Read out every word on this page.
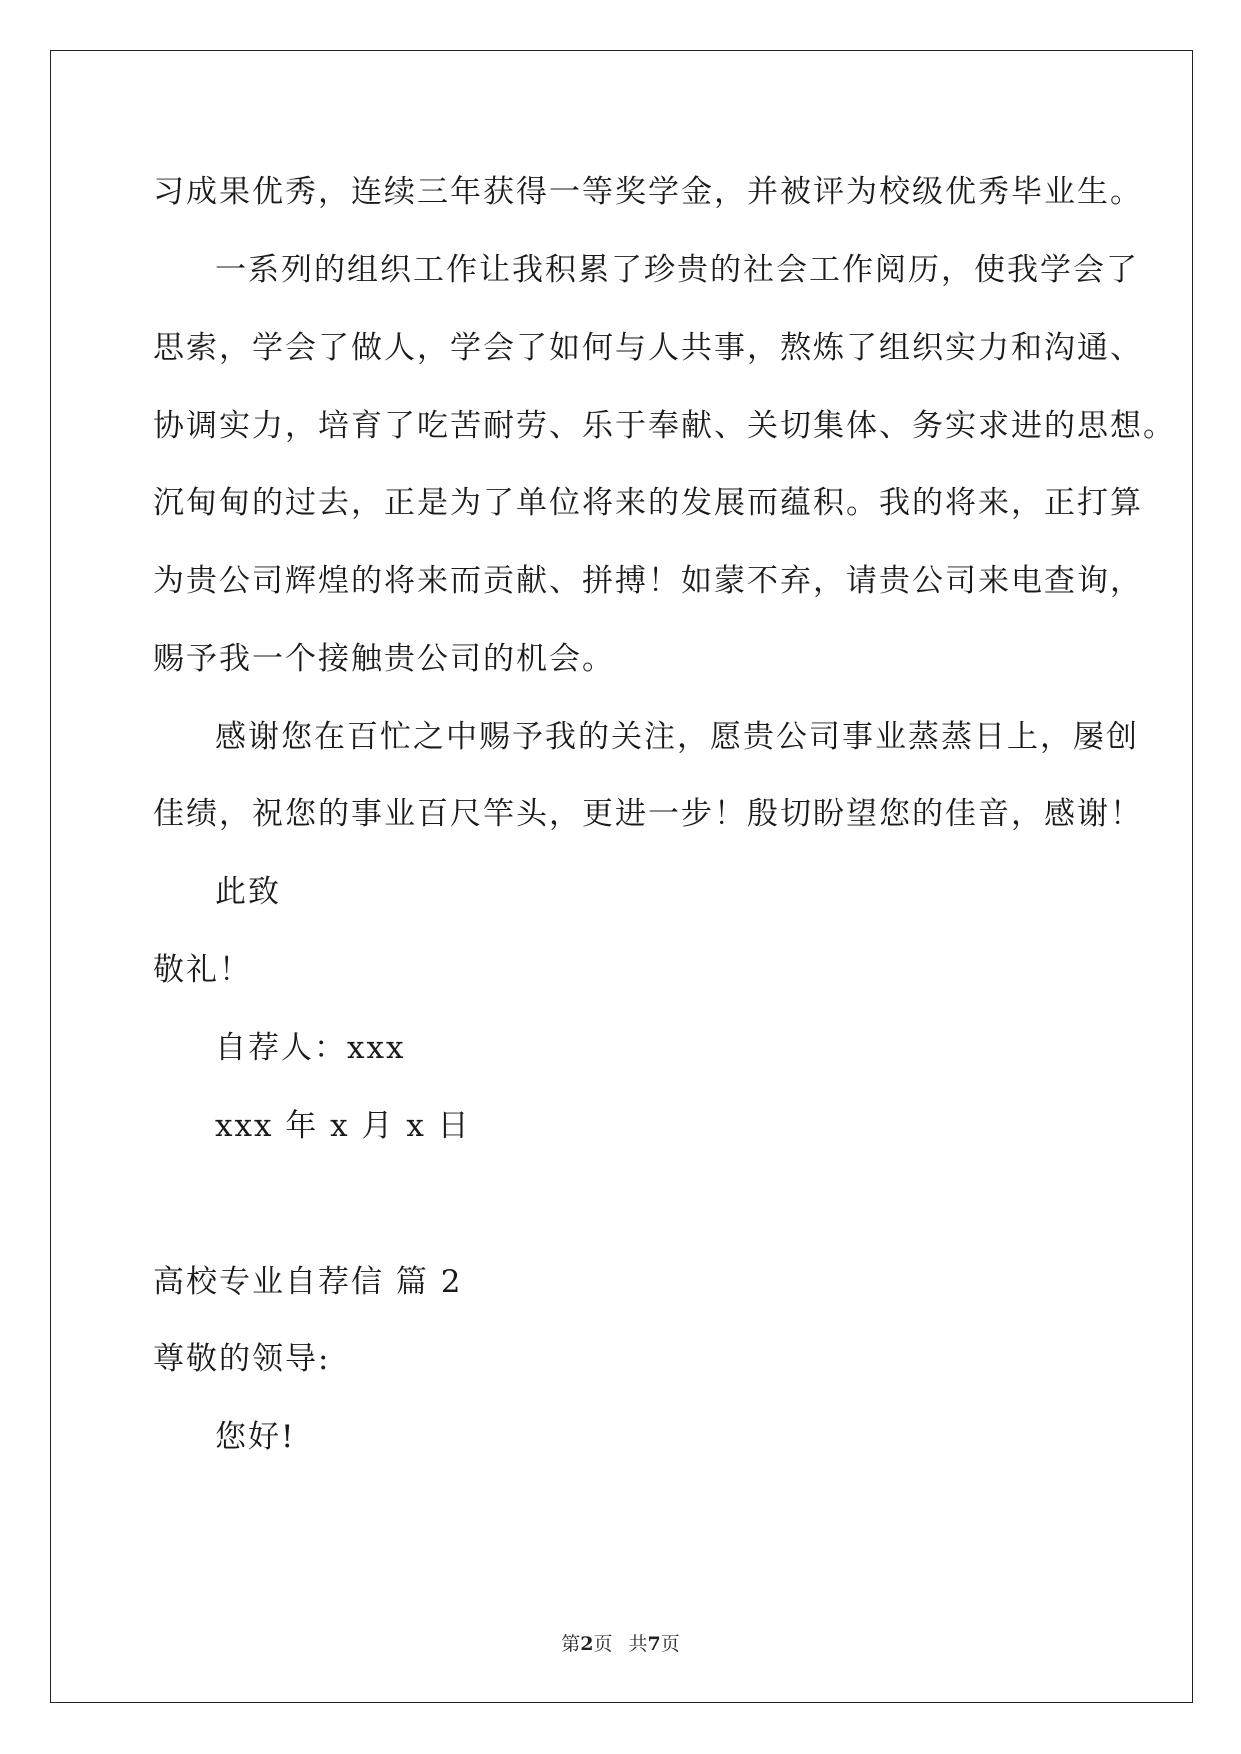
习成果优秀，连续三年获得一等奖学金，并被评为校级优秀毕业生。
一系列的组织工作让我积累了珍贵的社会工作阅历，使我学会了
思索，学会了做人，学会了如何与人共事，熬炼了组织实力和沟通、
协调实力，培育了吃苦耐劳、乐于奉献、关切集体、务实求进的思想。
沉甸甸的过去，正是为了单位将来的发展而蕴积。我的将来，正打算
为贵公司辉煌的将来而贡献、拼搏！如蒙不弃，请贵公司来电查询，
赐予我一个接触贵公司的机会。
感谢您在百忙之中赐予我的关注，愿贵公司事业蒸蒸日上，屡创
佳绩，祝您的事业百尺竿头，更进一步！殷切盼望您的佳音，感谢！
此致
敬礼！
自荐人：xxx
xxx 年 x 月 x 日
高校专业自荐信 篇 2
尊敬的领导:
您好!
第2页 共7页
